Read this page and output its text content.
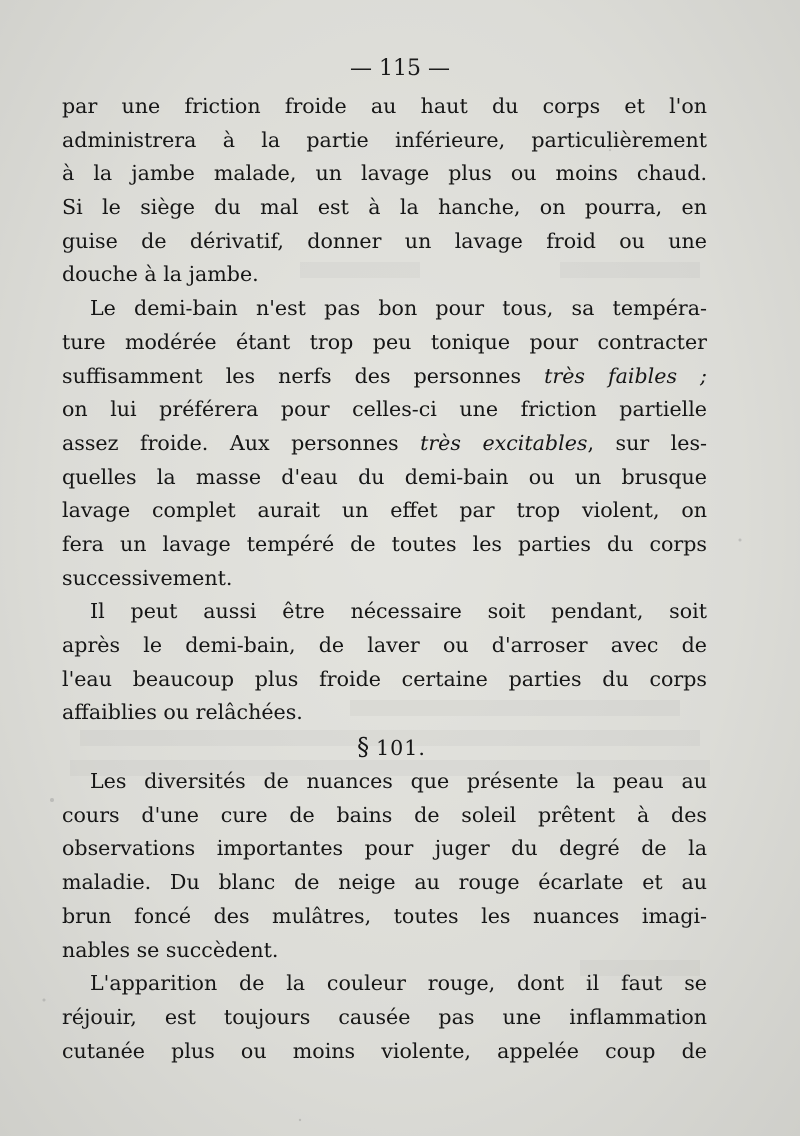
— 115 —
par une friction froide au haut du corps et l'on
administrera à la partie inférieure, particulièrement
à la jambe malade, un lavage plus ou moins chaud.
Si le siège du mal est à la hanche, on pourra, en
guise de dérivatif, donner un lavage froid ou une
douche à la jambe.
Le demi-bain n'est pas bon pour tous, sa tempéra-
ture modérée étant trop peu tonique pour contracter
suffisamment les nerfs des personnes très faibles ;
on lui préférera pour celles-ci une friction partielle
assez froide. Aux personnes très excitables, sur les-
quelles la masse d'eau du demi-bain ou un brusque
lavage complet aurait un effet par trop violent, on
fera un lavage tempéré de toutes les parties du corps
successivement.
Il peut aussi être nécessaire soit pendant, soit
après le demi-bain, de laver ou d'arroser avec de
l'eau beaucoup plus froide certaine parties du corps
affaiblies ou relâchées.
§ 101.
Les diversités de nuances que présente la peau au
cours d'une cure de bains de soleil prêtent à des
observations importantes pour juger du degré de la
maladie. Du blanc de neige au rouge écarlate et au
brun foncé des mulâtres, toutes les nuances imagi-
nables se succèdent.
L'apparition de la couleur rouge, dont il faut se
réjouir, est toujours causée pas une inflammation
cutanée plus ou moins violente, appelée coup de
